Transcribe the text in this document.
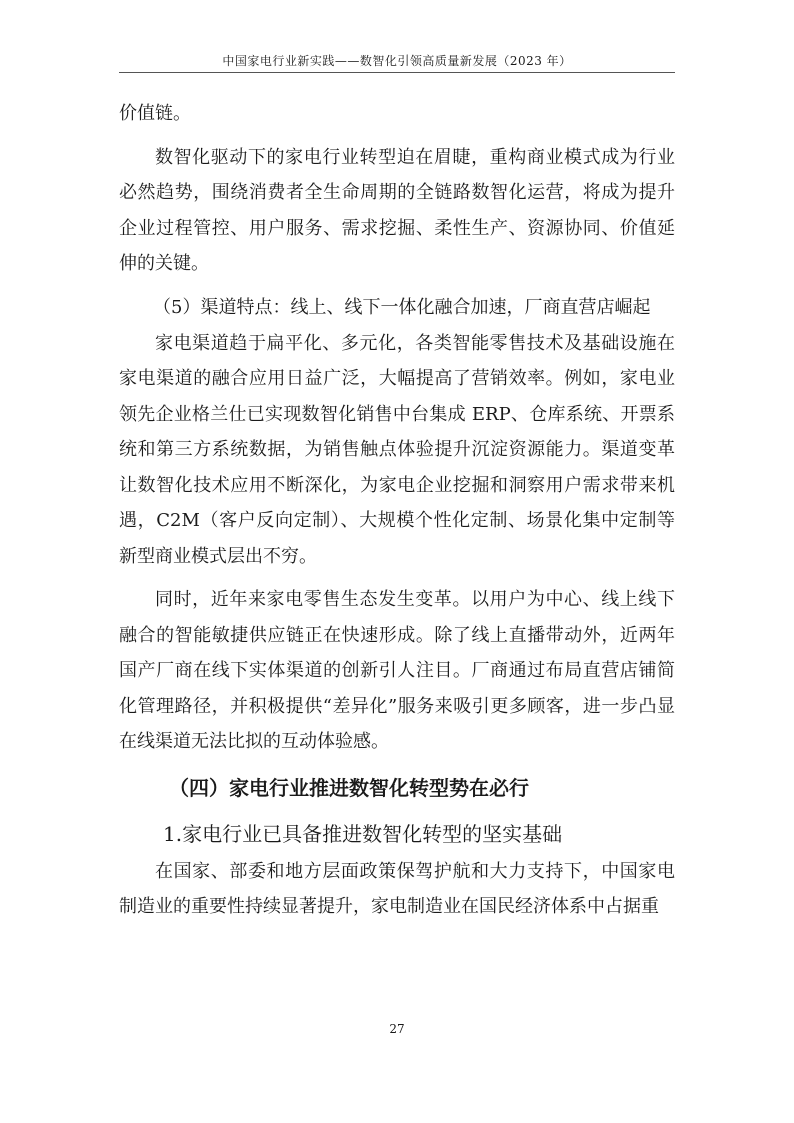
中国家电行业新实践——数智化引领高质量新发展（2023 年）

价值链。

数智化驱动下的家电行业转型迫在眉睫，重构商业模式成为行业必然趋势，围绕消费者全生命周期的全链路数智化运营，将成为提升企业过程管控、用户服务、需求挖掘、柔性生产、资源协同、价值延伸的关键。

（5）渠道特点：线上、线下一体化融合加速，厂商直营店崛起

家电渠道趋于扁平化、多元化，各类智能零售技术及基础设施在家电渠道的融合应用日益广泛，大幅提高了营销效率。例如，家电业领先企业格兰仕已实现数智化销售中台集成 ERP、仓库系统、开票系统和第三方系统数据，为销售触点体验提升沉淀资源能力。渠道变革让数智化技术应用不断深化，为家电企业挖掘和洞察用户需求带来机遇，C2M（客户反向定制）、大规模个性化定制、场景化集中定制等新型商业模式层出不穷。

同时，近年来家电零售生态发生变革。以用户为中心、线上线下融合的智能敏捷供应链正在快速形成。除了线上直播带动外，近两年国产厂商在线下实体渠道的创新引人注目。厂商通过布局直营店铺简化管理路径，并积极提供“差异化”服务来吸引更多顾客，进一步凸显在线渠道无法比拟的互动体验感。

（四）家电行业推进数智化转型势在必行
1.家电行业已具备推进数智化转型的坚实基础

在国家、部委和地方层面政策保驾护航和大力支持下，中国家电制造业的重要性持续显著提升，家电制造业在国民经济体系中占据重

27
